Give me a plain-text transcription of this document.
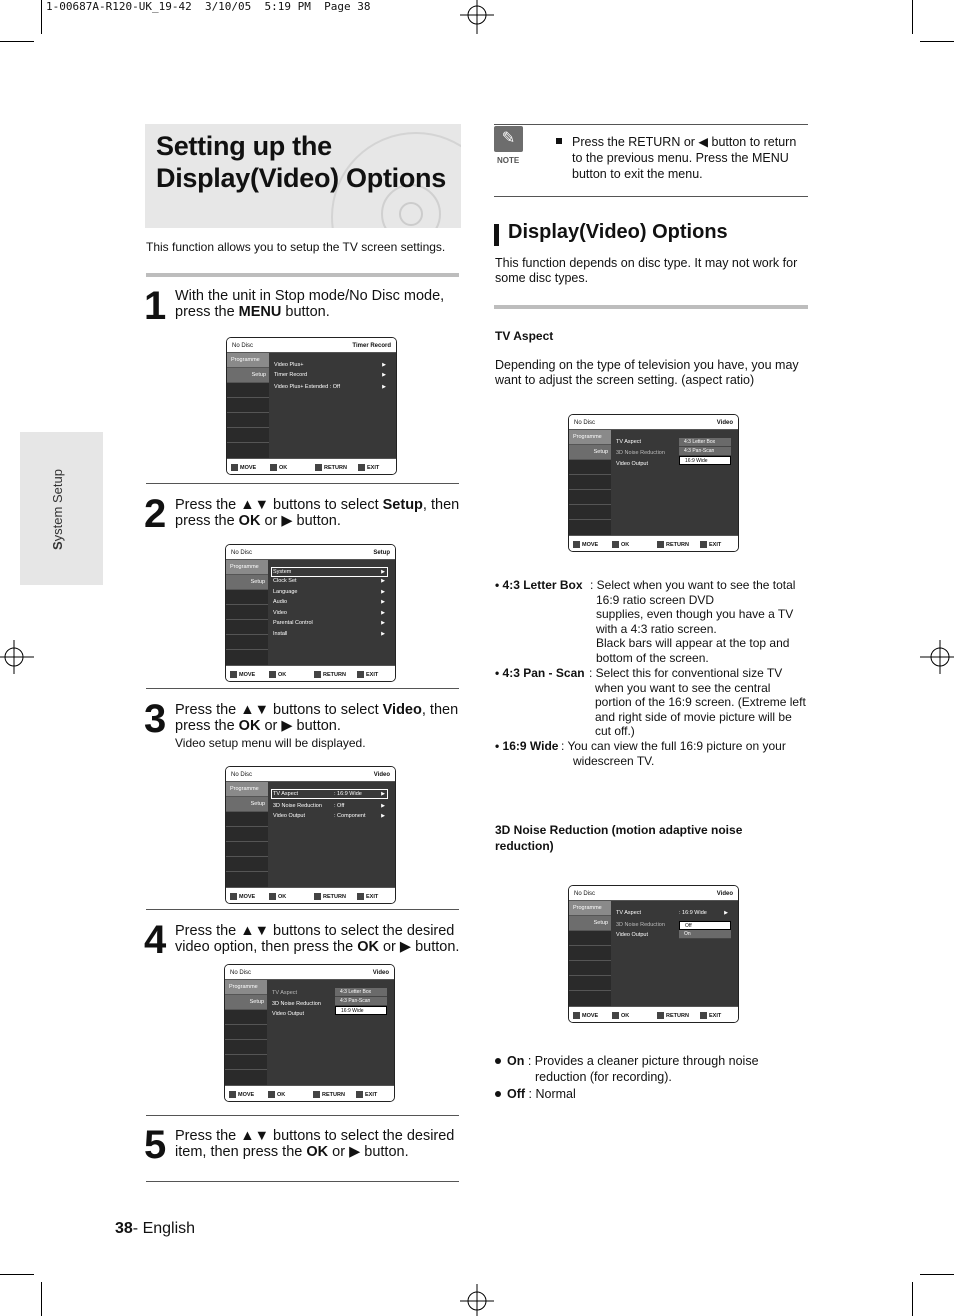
1-00687A-R120-UK_19-42  3/10/05  5:19 PM  Page 38
System Setup
Setting up the
Display(Video) Options
This function allows you to setup the TV screen settings.
1 With the unit in Stop mode/No Disc mode,
press the MENU button.
No Disc	Timer Record
Programme
Setup
Video Plus+	▶
Timer Record	▶
Video Plus+ Extended : Off	▶
MOVE	OK	RETURN	EXIT
2 Press the ▲▼ buttons to select Setup, then
press the OK or ▶ button.
No Disc	Setup
Programme
Setup
System	▶
Clock Set	▶
Language	▶
Audio	▶
Video	▶
Parental Control	▶
Install	▶
MOVE	OK	RETURN	EXIT
3 Press the ▲▼ buttons to select Video, then
press the OK or ▶ button.
Video setup menu will be displayed.
No Disc	Video
Programme
Setup
TV Aspect	: 16:9 Wide	▶
3D Noise Reduction : Off	▶
Video Output	: Component	▶
MOVE	OK	RETURN	EXIT
4 Press the ▲▼ buttons to select the desired
video option, then press the OK or ▶ button.
No Disc	Video
Programme
Setup
TV Aspect
3D Noise Reduction
Video Output
4:3 Letter Box
4:3 Pan-Scan
16:9 Wide
MOVE	OK	RETURN	EXIT
5 Press the ▲▼ buttons to select the desired
item, then press the OK or ▶ button.
✎
NOTE
Press the RETURN or ◀ button to return
to the previous menu. Press the MENU
button to exit the menu.
Display(Video) Options
This function depends on disc type. It may not work for
some disc types.
TV Aspect
Depending on the type of television you have, you may
want to adjust the screen setting. (aspect ratio)
No Disc	Video
Programme
Setup
TV Aspect
3D Noise Reduction
Video Output
4:3 Letter Box
4:3 Pan-Scan
16:9 Wide
MOVE	OK	RETURN	EXIT
• 4:3 Letter Box : Select when you want to see the total
16:9 ratio screen DVD
supplies, even though you have a TV
with a 4:3 ratio screen.
Black bars will appear at the top and
bottom of the screen.
• 4:3 Pan - Scan : Select this for conventional size TV
when you want to see the central
portion of the 16:9 screen. (Extreme left
and right side of movie picture will be
cut off.)
• 16:9 Wide : You can view the full 16:9 picture on your
widescreen TV.
3D Noise Reduction (motion adaptive noise
reduction)
No Disc	Video
Programme
Setup
TV Aspect	: 16:9 Wide	▶
3D Noise Reduction
Video Output
Off
On
MOVE	OK	RETURN	EXIT
On : Provides a cleaner picture through noise
reduction (for recording).
Off : Normal
38- English
